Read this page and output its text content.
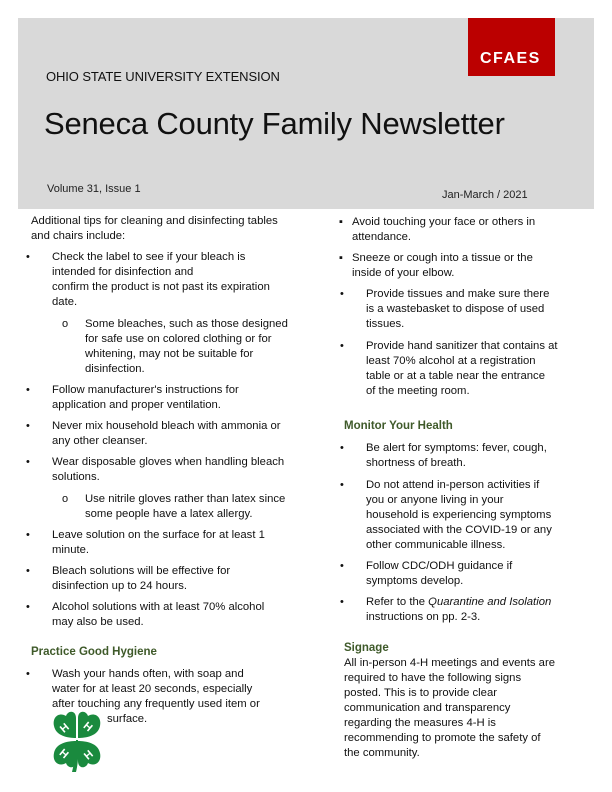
CFAES
OHIO STATE UNIVERSITY EXTENSION
Seneca County Family Newsletter
Volume 31, Issue 1	Jan-March / 2021
Additional tips for cleaning and disinfecting tables
and chairs include:
• Check the label to see if your bleach is
intended for disinfection and
confirm the product is not past its expiration
date.
o Some bleaches, such as those designed
for safe use on colored clothing or for
whitening, may not be suitable for
disinfection.
• Follow manufacturer's instructions for
application and proper ventilation.
• Never mix household bleach with ammonia or
any other cleanser.
• Wear disposable gloves when handling bleach
solutions.
o Use nitrile gloves rather than latex since
some people have a latex allergy.
• Leave solution on the surface for at least 1
minute.
• Bleach solutions will be effective for
disinfection up to 24 hours.
• Alcohol solutions with at least 70% alcohol
may also be used.
Practice Good Hygiene
• Wash your hands often, with soap and
water for at least 20 seconds, especially
after touching any frequently used item or
surface.
H H
H H
▪ Avoid touching your face or others in
attendance.
▪ Sneeze or cough into a tissue or the
inside of your elbow.
• Provide tissues and make sure there
is a wastebasket to dispose of used
tissues.
• Provide hand sanitizer that contains at
least 70% alcohol at a registration
table or at a table near the entrance
of the meeting room.
Monitor Your Health
• Be alert for symptoms: fever, cough,
shortness of breath.
• Do not attend in-person activities if
you or anyone living in your
household is experiencing symptoms
associated with the COVID-19 or any
other communicable illness.
• Follow CDC/ODH guidance if
symptoms develop.
• Refer to the Quarantine and Isolation
instructions on pp. 2-3.
Signage
All in-person 4-H meetings and events are
required to have the following signs
posted. This is to provide clear
communication and transparency
regarding the measures 4-H is
recommending to promote the safety of
the community.
